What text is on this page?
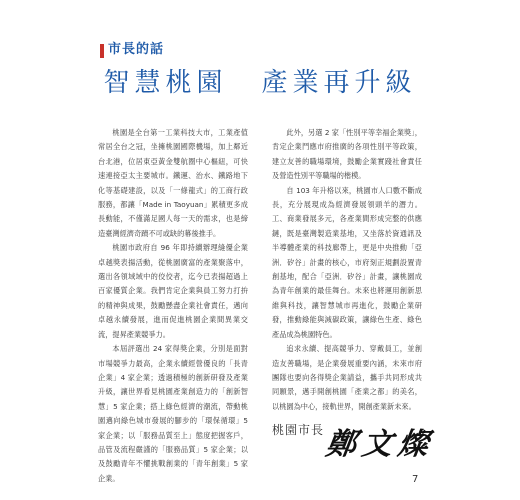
市長的話
智慧桃園 產業再升級

桃園是全台第一工業科技大市，工業產值常居全台之冠，坐擁桃園國際機場，加上鄰近台北港，位居東亞黃金雙航圈中心樞紐，可快速連接亞太主要城市。鐵運、治水、鐵路地下化等基礎建設，以及「一條龍式」的工商行政服務，都讓「Made in Taoyuan」累積更多成長動能，不僅滿足國人每一天的需求，也是締造臺灣經濟奇蹟不可或缺的幕後推手。

桃園市政府自 96 年即持續辦理縫優企業卓越獎表揚活動，從桃園廣富的產業聚落中，選出各領域域中的佼佼者，迄今已表揚超過上百家優質企業。我們肯定企業與員工努力打拚的精神與成果，鼓勵懸盡企業社會責任，邁向卓越永續發展，進而促進桃園企業間異業交流，提昇產業競爭力。

本屆評選出 24 家得獎企業，分別是面對市場競爭力最高，企業永續經營優良的「長青企業」4 家企業；透過積極的創新研發及產業升級，讓世界看見桃園產業創造力的「創新智慧」5 家企業；搭上綠色經濟的潮流，帶動桃園邁向綠色城市發展的腳步的「環保循環」5 家企業；以「服務品質至上」態度把握客戶，品管及流程嚴謹的「服務品質」5 家企業；以及鼓勵青年不懼挑戰創業的「青年創業」5 家企業。

此外，另選 2 家「性別平等幸福企業獎」，肯定企業鬥應市府推廣的各項性別平等政策，建立友善的職場環境，鼓勵企業實踐社會責任及營造性別平等職場的楷模。

自 103 年升格以來，桃園市人口數不斷成長，充分展現成為經濟發展領頭羊的潛力。工、商業發展多元，各產業間形成完整的供應鏈，既是臺灣製造業基地，又坐落於資通訊及半導體產業的科技廊帶上，更是中央推動「亞洲．矽谷」計畫的核心，市府刻正規劃設置青創基地，配合「亞洲．矽谷」計畫，讓桃園成為青年創業的最佳舞台。未來也將運用創新思維與科技，讓智慧城市再進化，鼓勵企業研發，推動綠能與減碳政策，讓綠色生產、綠色產品成為桃園特色。

追求永續、提高競爭力、穿戴員工，並創造友善職場，是企業發展重要內涵，未來市府團隊也要向各得獎企業請益，攜手共同形成共同願景，邁手開創桃園「產業之都」的美名，以桃園為中心，接軌世界，開創產業新未來。

桃園市長 鄭文燦
7
